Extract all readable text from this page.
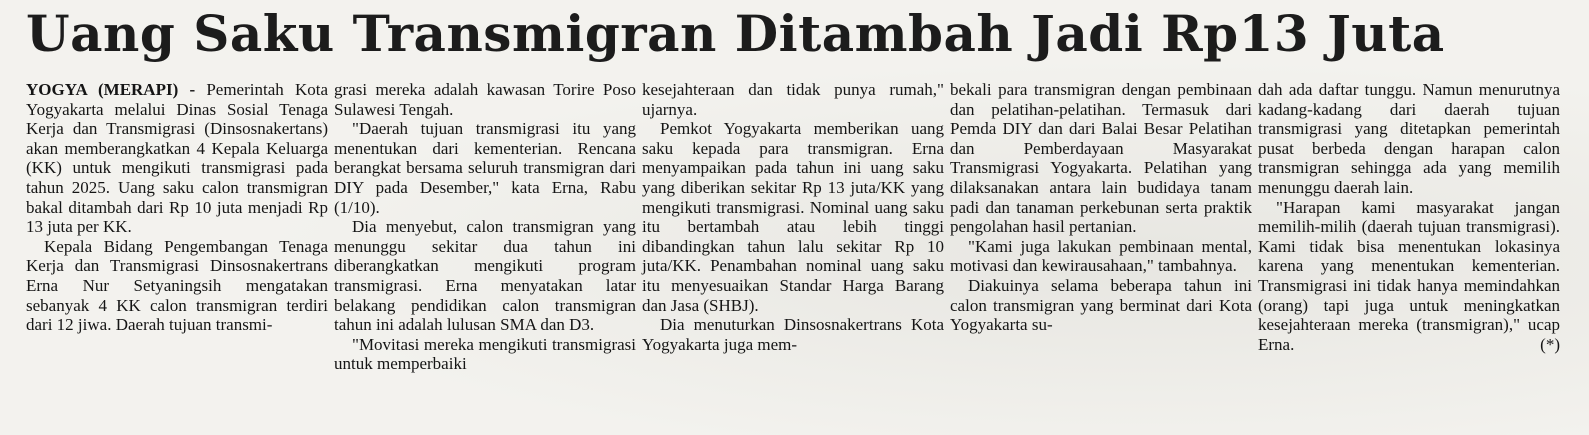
Uang Saku Transmigran Ditambah Jadi Rp13 Juta

YOGYA (MERAPI) - Pemerintah Kota Yogyakarta melalui Dinas Sosial Tenaga Kerja dan Transmigrasi (Dinsosnakertans) akan memberangkatkan 4 Kepala Keluarga (KK) untuk mengikuti transmigrasi pada tahun 2025. Uang saku calon transmigran bakal ditambah dari Rp 10 juta menjadi Rp 13 juta per KK.

Kepala Bidang Pengembangan Tenaga Kerja dan Transmigrasi Dinsosnakertrans Erna Nur Setyaningsih mengatakan sebanyak 4 KK calon transmigran terdiri dari 12 jiwa. Daerah tujuan transmi-

grasi mereka adalah kawasan Torire Poso Sulawesi Tengah.

"Daerah tujuan transmigrasi itu yang menentukan dari kementerian. Rencana berangkat bersama seluruh transmigran dari DIY pada Desember," kata Erna, Rabu (1/10).

Dia menyebut, calon transmigran yang menunggu sekitar dua tahun ini diberangkatkan mengikuti program transmigrasi. Erna menyatakan latar belakang pendidikan calon transmigran tahun ini adalah lulusan SMA dan D3.

"Movitasi mereka mengikuti transmigrasi untuk memperbaiki

kesejahteraan dan tidak punya rumah," ujarnya.

Pemkot Yogyakarta memberikan uang saku kepada para transmigran. Erna menyampaikan pada tahun ini uang saku yang diberikan sekitar Rp 13 juta/KK yang mengikuti transmigrasi. Nominal uang saku itu bertambah atau lebih tinggi dibandingkan tahun lalu sekitar Rp 10 juta/KK. Penambahan nominal uang saku itu menyesuaikan Standar Harga Barang dan Jasa (SHBJ).

Dia menuturkan Dinsosnakertrans Kota Yogyakarta juga mem-

bekali para transmigran dengan pembinaan dan pelatihan-pelatihan. Termasuk dari Pemda DIY dan dari Balai Besar Pelatihan dan Pemberdayaan Masyarakat Transmigrasi Yogyakarta. Pelatihan yang dilaksanakan antara lain budidaya tanam padi dan tanaman perkebunan serta praktik pengolahan hasil pertanian.

"Kami juga lakukan pembinaan mental, motivasi dan kewirausahaan," tambahnya.

Diakuinya selama beberapa tahun ini calon transmigran yang berminat dari Kota Yogyakarta su-

dah ada daftar tunggu. Namun menurutnya kadang-kadang dari daerah tujuan transmigrasi yang ditetapkan pemerintah pusat berbeda dengan harapan calon transmigran sehingga ada yang memilih menunggu daerah lain.

"Harapan kami masyarakat jangan memilih-milih (daerah tujuan transmigrasi). Kami tidak bisa menentukan lokasinya karena yang menentukan kementerian. Transmigrasi ini tidak hanya memindahkan (orang) tapi juga untuk meningkatkan kesejahteraan mereka (transmigran)," ucap Erna.	(*)
